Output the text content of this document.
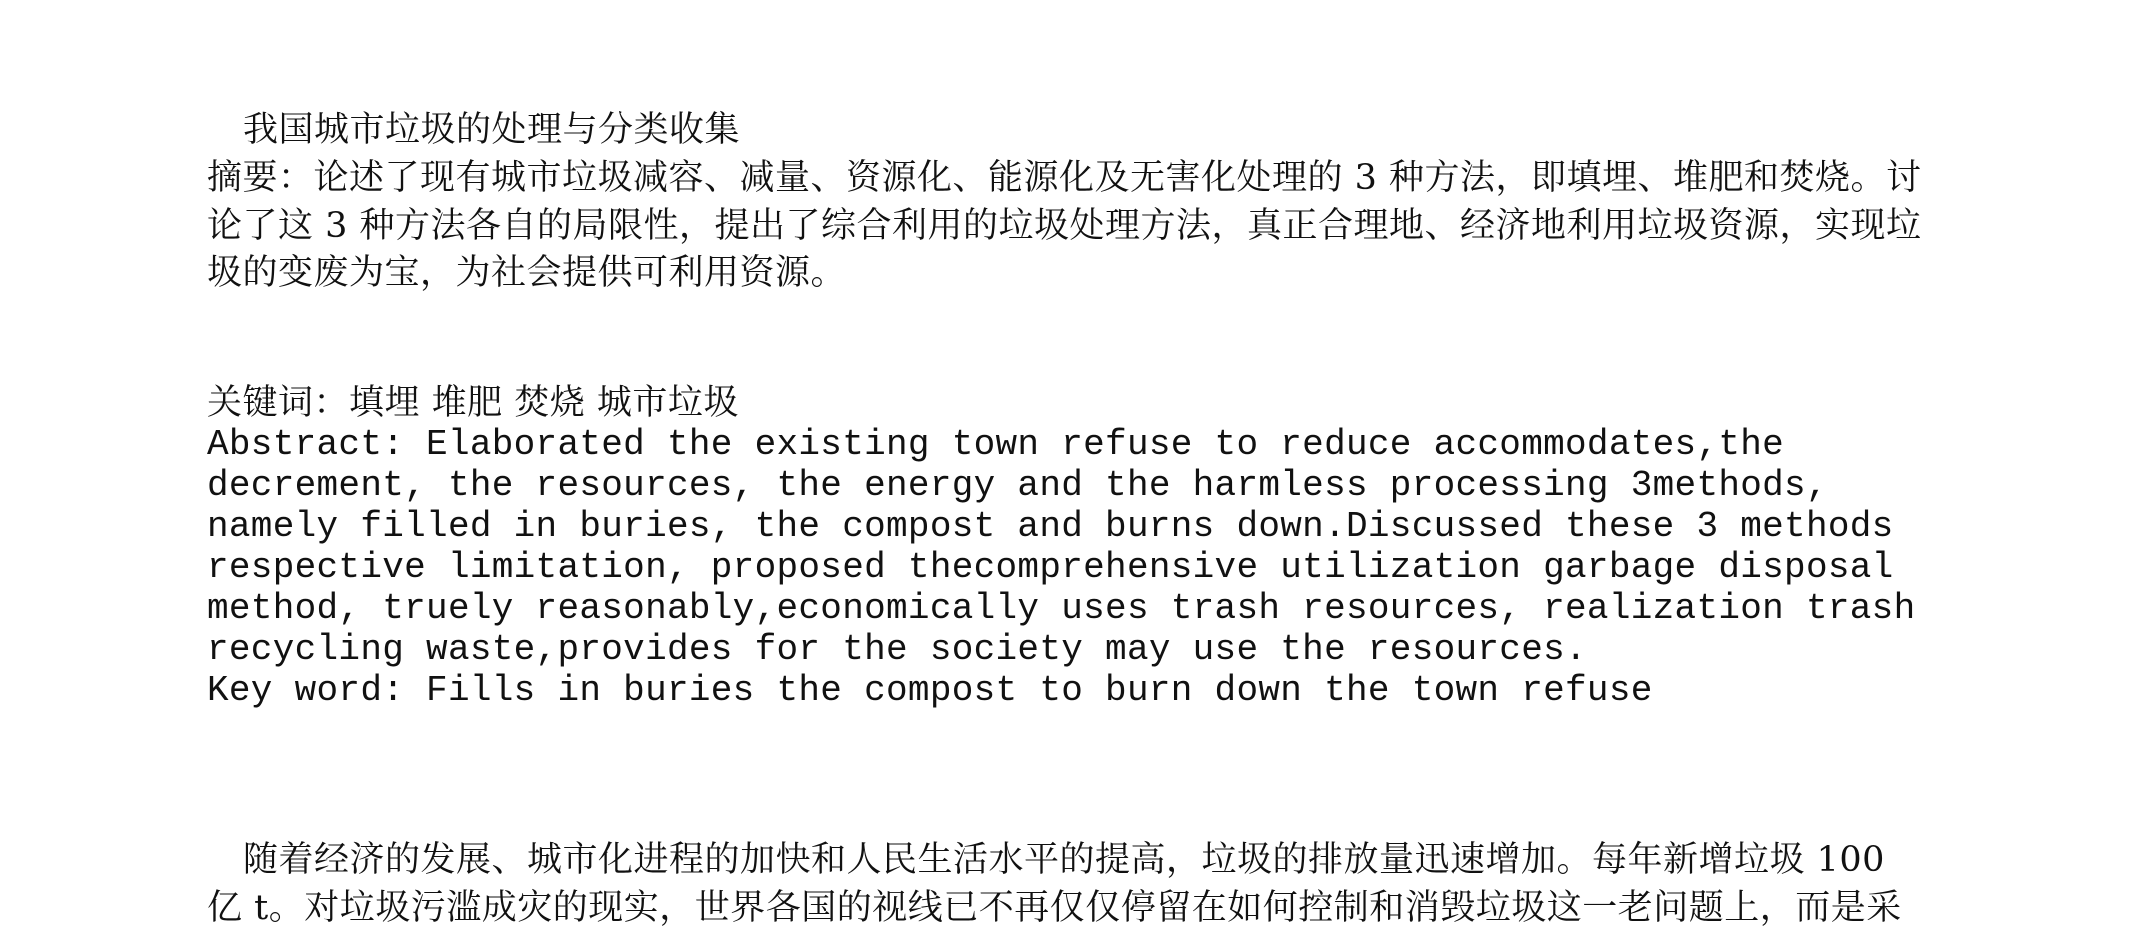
我国城市垃圾的处理与分类收集
摘要：论述了现有城市垃圾减容、减量、资源化、能源化及无害化处理的 3 种方法，即填埋、堆肥和焚烧。讨
论了这 3 种方法各自的局限性，提出了综合利用的垃圾处理方法，真正合理地、经济地利用垃圾资源，实现垃
圾的变废为宝，为社会提供可利用资源。
关键词：填埋 堆肥 焚烧 城市垃圾
Abstract: Elaborated the existing town refuse to reduce accommodates,the
decrement, the resources, the energy and the harmless processing 3methods,
namely filled in buries, the compost and burns down.Discussed these 3 methods
respective limitation, proposed thecomprehensive utilization garbage disposal
method, truely reasonably,economically uses trash resources, realization trash
recycling waste,provides for the society may use the resources.
Key word: Fills in buries the compost to burn down the town refuse
随着经济的发展、城市化进程的加快和人民生活水平的提高，垃圾的排放量迅速增加。每年新增垃圾 100
亿 t。对垃圾污滥成灾的现实，世界各国的视线已不再仅仅停留在如何控制和消毁垃圾这一老问题上，而是采
